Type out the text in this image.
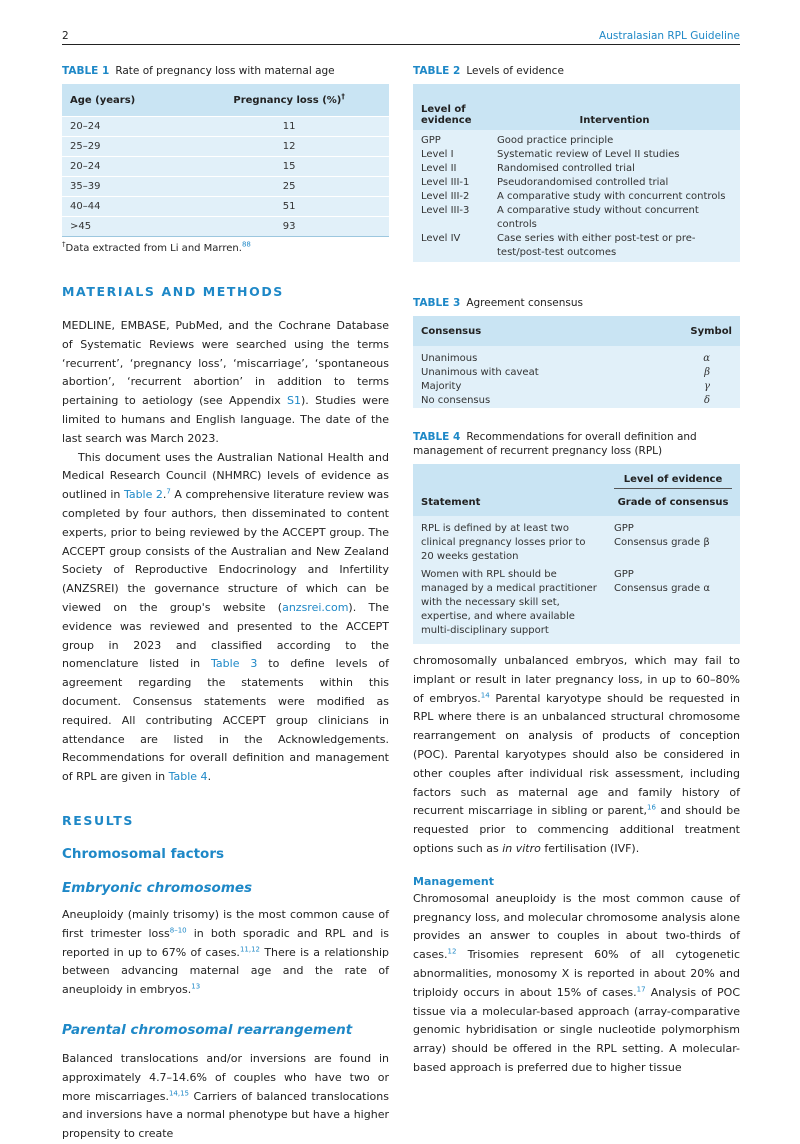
2	Australasian RPL Guideline

TABLE 1 Rate of pregnancy loss with maternal age

Age (years)	Pregnancy loss (%)†
20–24	11
25–29	12
20–24	15
35–39	25
40–44	51
>45	93
†Data extracted from Li and Marren.$^{88}$
MATERIALS AND METHODS

MEDLINE, EMBASE, PubMed, and the Cochrane Database of Systematic Reviews were searched using the terms ‘recurrent’, ‘pregnancy loss’, ‘miscarriage’, ‘spontaneous abortion’, ‘recurrent abortion’ in addition to terms pertaining to aetiology (see Appendix S1). Studies were limited to humans and English language. The date of the last search was March 2023.

This document uses the Australian National Health and Medical Research Council (NHMRC) levels of evidence as outlined in Table 2.$^7$ A comprehensive literature review was completed by four authors, then disseminated to content experts, prior to being reviewed by the ACCEPT group. The ACCEPT group consists of the Australian and New Zealand Society of Reproductive Endocrinology and Infertility (ANZSREI) the governance structure of which can be viewed on the group's website (anzsrei.com). The evidence was reviewed and presented to the ACCEPT group in 2023 and classified according to the nomenclature listed in Table 3 to define levels of agreement regarding the statements within this document. Consensus statements were modified as required. All contributing ACCEPT group clinicians in attendance are listed in the Acknowledgements. Recommendations for overall definition and management of RPL are given in Table 4.

RESULTS
Chromosomal factors
Embryonic chromosomes

Aneuploidy (mainly trisomy) is the most common cause of first trimester loss$^{8-10}$ in both sporadic and RPL and is reported in up to 67% of cases.$^{11,12}$ There is a relationship between advancing maternal age and the rate of aneuploidy in embryos.$^{13}$

Parental chromosomal rearrangement

Balanced translocations and/or inversions are found in approximately 4.7–14.6% of couples who have two or more miscarriages.$^{14,15}$ Carriers of balanced translocations and inversions have a normal phenotype but have a higher propensity to create

TABLE 2 Levels of evidence

Level of
evidence	Intervention
GPP	Good practice principle
Level I	Systematic review of Level II studies
Level II	Randomised controlled trial
Level III-1	Pseudorandomised controlled trial
Level III-2	A comparative study with concurrent controls
Level III-3	A comparative study without concurrent controls
Level IV	Case series with either post-test or pre-test/post-test outcomes

TABLE 3 Agreement consensus

Consensus	Symbol
Unanimous	α
Unanimous with caveat	β
Majority	γ
No consensus	δ

TABLE 4 Recommendations for overall definition and management of recurrent pregnancy loss (RPL)

Statement	Level of evidence
Grade of consensus

RPL is defined by at least two clinical pregnancy losses prior to 20 weeks gestation	GPP
Consensus grade β
Women with RPL should be managed by a medical practitioner with the necessary skill set, expertise, and where available multi-disciplinary support	GPP
Consensus grade α

chromosomally unbalanced embryos, which may fail to implant or result in later pregnancy loss, in up to 60–80% of embryos.$^{14}$ Parental karyotype should be requested in RPL where there is an unbalanced structural chromosome rearrangement on analysis of products of conception (POC). Parental karyotypes should also be considered in other couples after individual risk assessment, including factors such as maternal age and family history of recurrent miscarriage in sibling or parent,$^{16}$ and should be requested prior to commencing additional treatment options such as in vitro fertilisation (IVF).

Management

Chromosomal aneuploidy is the most common cause of pregnancy loss, and molecular chromosome analysis alone provides an answer to couples in about two-thirds of cases.$^{12}$ Trisomies represent 60% of all cytogenetic abnormalities, monosomy X is reported in about 20% and triploidy occurs in about 15% of cases.$^{17}$ Analysis of POC tissue via a molecular-based approach (array-comparative genomic hybridisation or single nucleotide polymorphism array) should be offered in the RPL setting. A molecular-based approach is preferred due to higher tissue
